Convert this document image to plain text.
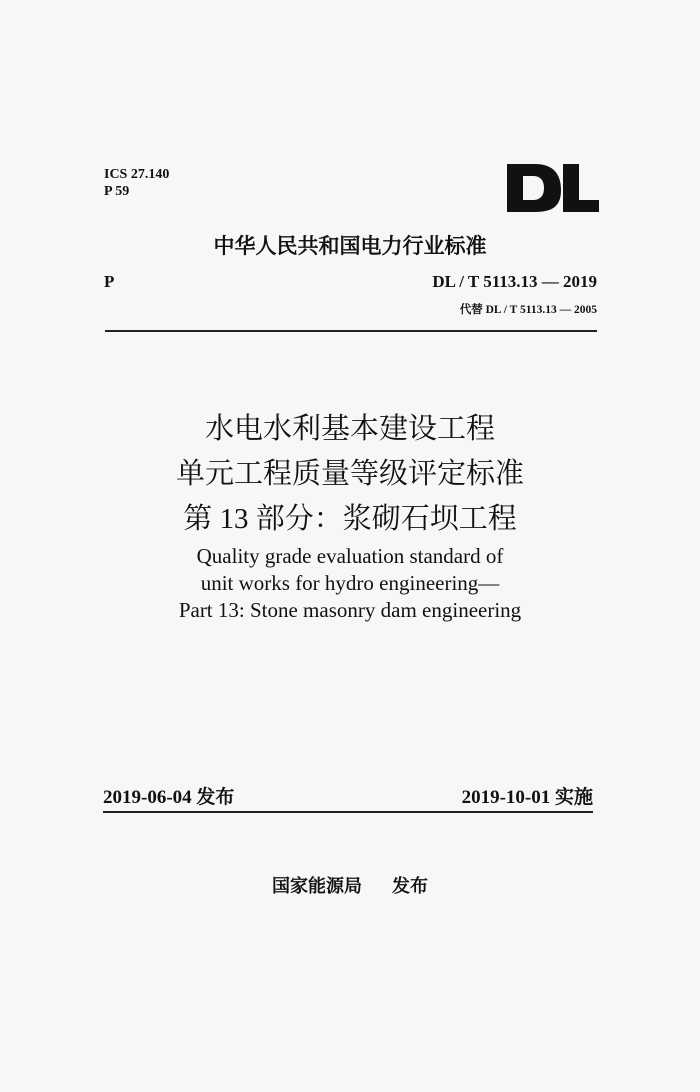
ICS 27.140
P 59
中华人民共和国电力行业标准
P	DL / T 5113.13 — 2019
代替 DL / T 5113.13 — 2005
水电水利基本建设工程
单元工程质量等级评定标准
第 13 部分：浆砌石坝工程
Quality grade evaluation standard of
unit works for hydro engineering—
Part 13: Stone masonry dam engineering
2019-06-04 发布	2019-10-01 实施
国家能源局 发布
